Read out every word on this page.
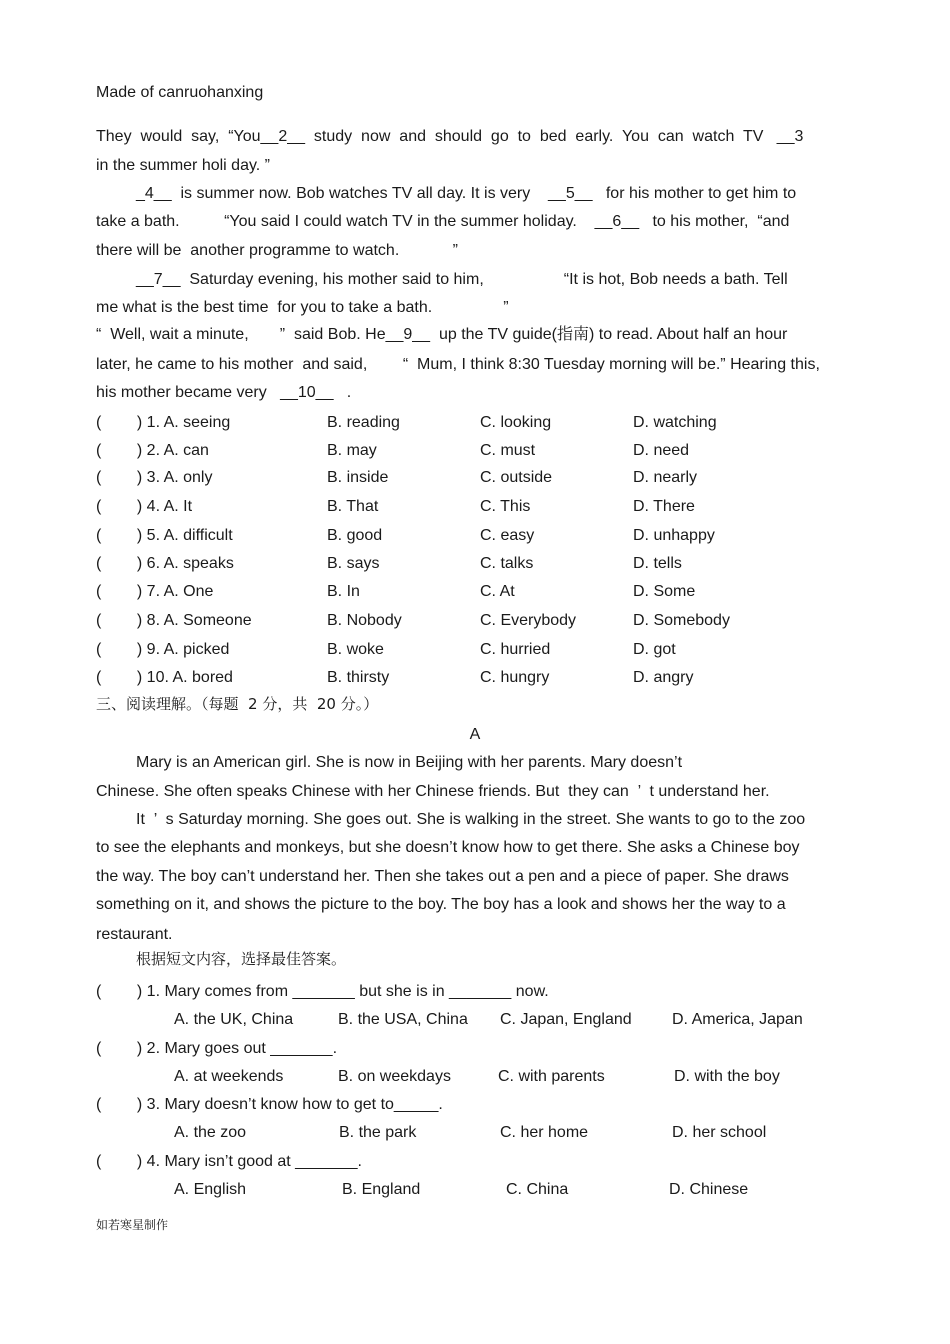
Made of canruohanxing
They  would  say,  “You__2__  study  now  and  should  go  to  bed  early.  You  can  watch  TV   __3
in the summer holi day. ”
_4__  is summer now. Bob watches TV all day. It is very    __5__   for his mother to get him to
take a bath.          “You said I could watch TV in the summer holiday.    __6__   to his mother,  “and
there will be  another programme to watch.            ”
__7__  Saturday evening, his mother said to him,                  “It is hot, Bob needs a bath. Tell
me what is the best time  for you to take a bath.                ”
“  Well, wait a minute,       ”  said Bob. He__9__  up the TV guide(指南) to read. About half an hour
later, he came to his mother  and said,        “  Mum, I think 8:30 Tuesday morning will be.” Hearing this,
his mother became very   __10__   .
(        ) 1. A. seeing	B. reading	C. looking	D. watching
(        ) 2. A. can	B. may	C. must	D. need
(        ) 3. A. only	B. inside	C. outside	D. nearly
(        ) 4. A. It	B. That	C. This	D. There
(        ) 5. A. difficult	B. good	C. easy	D. unhappy
(        ) 6. A. speaks	B. says	C. talks	D. tells
(        ) 7. A. One	B. In	C. At	D. Some
(        ) 8. A. Someone	B. Nobody	C. Everybody	D. Somebody
(        ) 9. A. picked	B. woke	C. hurried	D. got
(        ) 10. A. bored	B. thirsty	C. hungry	D. angry
三、阅读理解。（每题  2 分，共  20 分。）
A
Mary is an American girl. She is now in Beijing with her parents. Mary doesn’t
Chinese. She often speaks Chinese with her Chinese friends. But  they can  ’  t understand her.
It  ’  s Saturday morning. She goes out. She is walking in the street. She wants to go to the zoo
to see the elephants and monkeys, but she doesn’t know how to get there. She asks a Chinese boy
the way. The boy can’t understand her. Then she takes out a pen and a piece of paper. She draws
something on it, and shows the picture to the boy. The boy has a look and shows her the way to a
restaurant.
根据短文内容，选择最佳答案。
(        ) 1. Mary comes from _______ but she is in _______ now.
A. the UK, China	B. the USA, China C. Japan, England	D. America, Japan
(        ) 2. Mary goes out _______.
A. at weekends	B. on weekdays	C. with parents	D. with the boy
(        ) 3. Mary doesn’t know how to get to_____.
A. the zoo	B. the park	C. her home	D. her school
(        ) 4. Mary isn’t good at _______.
A. English	B. England	C. China	D. Chinese
如若寒星制作
